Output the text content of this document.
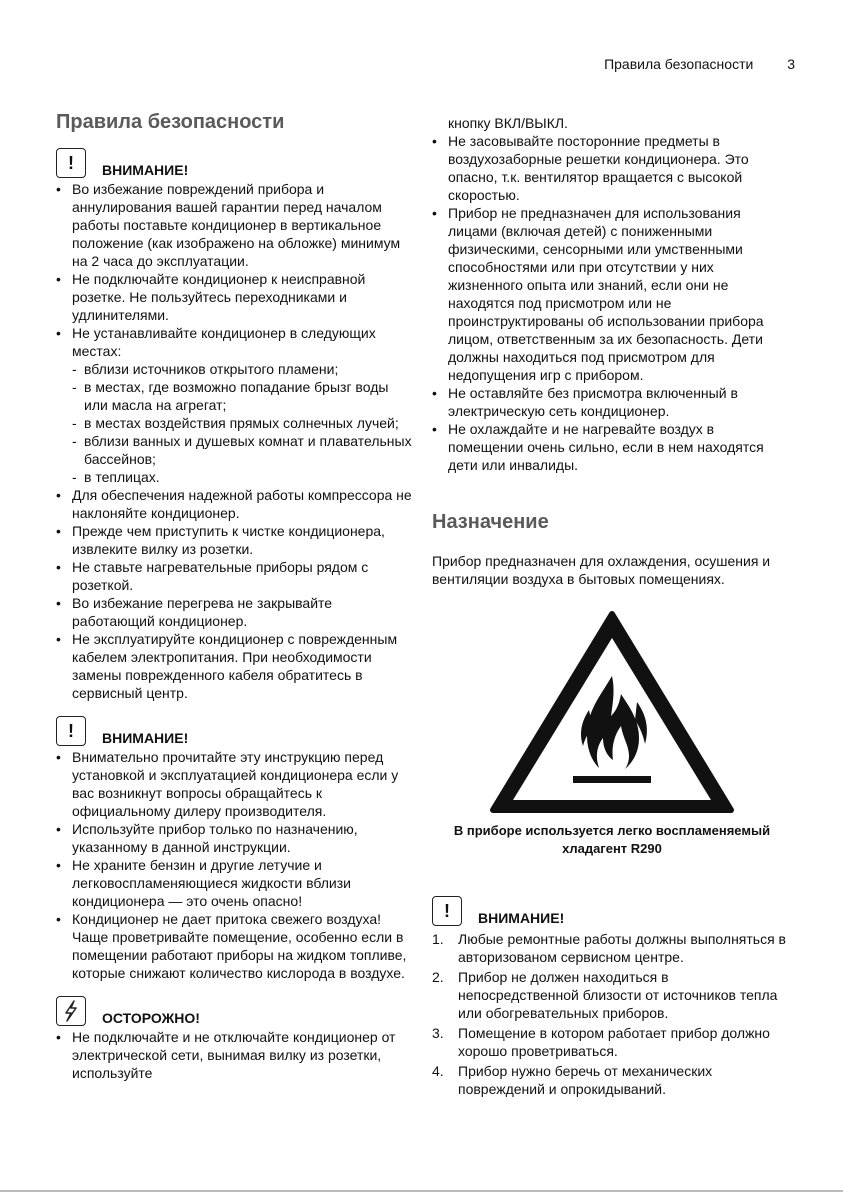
Правила безопасности 3
Правила безопасности
!	ВНИМАНИЕ!
• Во избежание повреждений прибора и аннулирования вашей гарантии перед началом работы поставьте кондиционер в вертикальное положение (как изображено на обложке) минимум на 2 часа до эксплуатации.
• Не подключайте кондиционер к неисправной розетке. Не пользуйтесь переходниками и удлинителями.
• Не устанавливайте кондиционер в следующих местах:
- вблизи источников открытого пламени;
- в местах, где возможно попадание брызг воды или масла на агрегат;
- в местах воздействия прямых солнечных лучей;
- вблизи ванных и душевых комнат и плавательных бассейнов;
- в теплицах.
• Для обеспечения надежной работы компрессора не наклоняйте кондиционер.
• Прежде чем приступить к чистке кондиционера, извлеките вилку из розетки.
• Не ставьте нагревательные приборы рядом с розеткой.
• Во избежание перегрева не закрывайте работающий кондиционер.
• Не эксплуатируйте кондиционер с поврежденным кабелем электропитания. При необходимости замены поврежденного кабеля обратитесь в сервисный центр.
!	ВНИМАНИЕ!
• Внимательно прочитайте эту инструкцию перед установкой и эксплуатацией кондиционера если у вас возникнут вопросы обращайтесь к официальному дилеру производителя.
• Используйте прибор только по назначению, указанному в данной инструкции.
• Не храните бензин и другие летучие и легковоспламеняющиеся жидкости вблизи кондиционера — это очень опасно!
• Кондиционер не дает притока свежего воздуха! Чаще проветривайте помещение, особенно если в помещении работают приборы на жидком топливе, которые снижают количество кислорода в воздухе.
ОСТОРОЖНО!
• Не подключайте и не отключайте кондиционер от электрической сети, вынимая вилку из розетки, используйте
кнопку ВКЛ/ВЫКЛ.
• Не засовывайте посторонние предметы в воздухозаборные решетки кондиционера. Это опасно, т.к. вентилятор вращается с высокой скоростью.
• Прибор не предназначен для использования лицами (включая детей) с пониженными физическими, сенсорными или умственными способностями или при отсутствии у них жизненного опыта или знаний, если они не находятся под присмотром или не проинструктированы об использовании прибора лицом, ответственным за их безопасность. Дети должны находиться под присмотром для недопущения игр с прибором.
• Не оставляйте без присмотра включенный в электрическую сеть кондиционер.
• Не охлаждайте и не нагревайте воздух в помещении очень сильно, если в нем находятся дети или инвалиды.
Назначение

Прибор предназначен для охлаждения, осушения и вентиляции воздуха в бытовых помещениях.

В приборе используется легко воспламеняемый хладагент R290
!	ВНИМАНИЕ!
1. Любые ремонтные работы должны выполняться в авторизованом сервисном центре.
2. Прибор не должен находиться в непосредственной близости от источников тепла или обогревательных приборов.
3. Помещение в котором работает прибор должно хорошо проветриваться.
4. Прибор нужно беречь от механических повреждений и опрокидываний.
